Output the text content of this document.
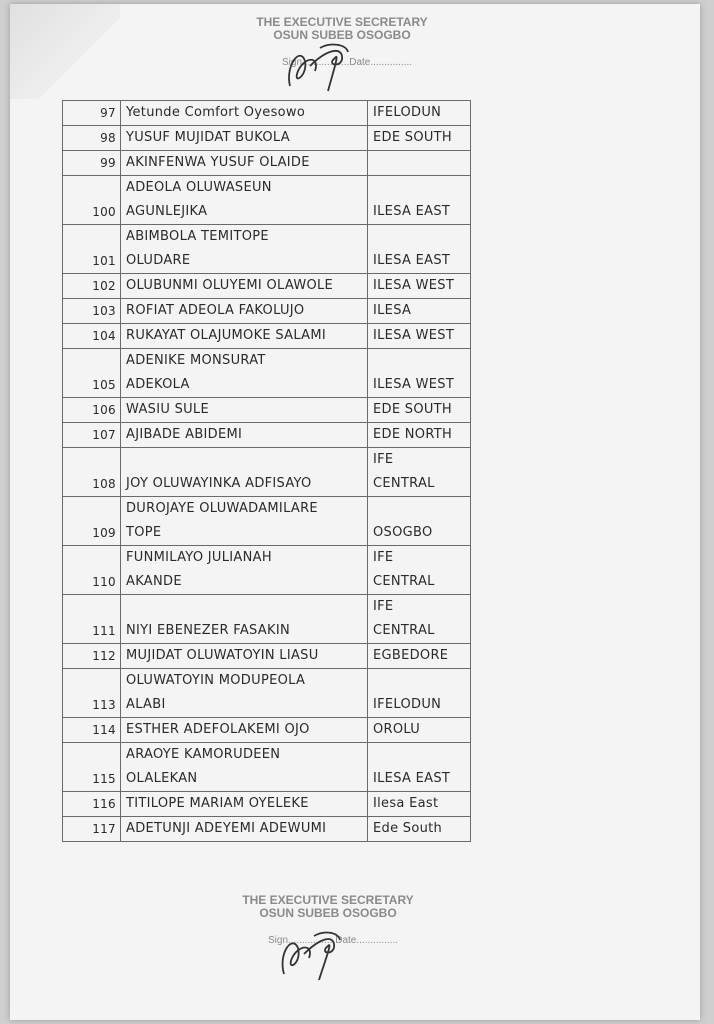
THE EXECUTIVE SECRETARY
OSUN SUBEB OSOGBO
Sign.................Date...............
97	Yetunde Comfort Oyesowo	IFELODUN

98	YUSUF MUJIDAT BUKOLA	EDE SOUTH

99	AKINFENWA YUSUF OLAIDE	

100	ADEOLA OLUWASEUN
AGUNLEJIKA	ILESA EAST

101	ABIMBOLA TEMITOPE
OLUDARE	ILESA EAST

102	OLUBUNMI OLUYEMI OLAWOLE	ILESA WEST

103	ROFIAT ADEOLA FAKOLUJO	ILESA

104	RUKAYAT OLAJUMOKE SALAMI	ILESA WEST

105	ADENIKE MONSURAT
ADEKOLA	ILESA WEST

106	WASIU SULE	EDE SOUTH

107	AJIBADE ABIDEMI	EDE NORTH

108	JOY OLUWAYINKA ADFISAYO	IFE
CENTRAL

109	DUROJAYE OLUWADAMILARE
TOPE	OSOGBO

110	FUNMILAYO JULIANAH
AKANDE	IFE
CENTRAL

111	NIYI EBENEZER FASAKIN	IFE
CENTRAL

112	MUJIDAT OLUWATOYIN LIASU	EGBEDORE

113	OLUWATOYIN MODUPEOLA
ALABI	IFELODUN

114	ESTHER ADEFOLAKEMI OJO	OROLU

115	ARAOYE KAMORUDEEN
OLALEKAN	ILESA EAST

116	TITILOPE MARIAM OYELEKE	Ilesa East

117	ADETUNJI ADEYEMI ADEWUMI	Ede South
THE EXECUTIVE SECRETARY
OSUN SUBEB OSOGBO
Sign.................Date...............
